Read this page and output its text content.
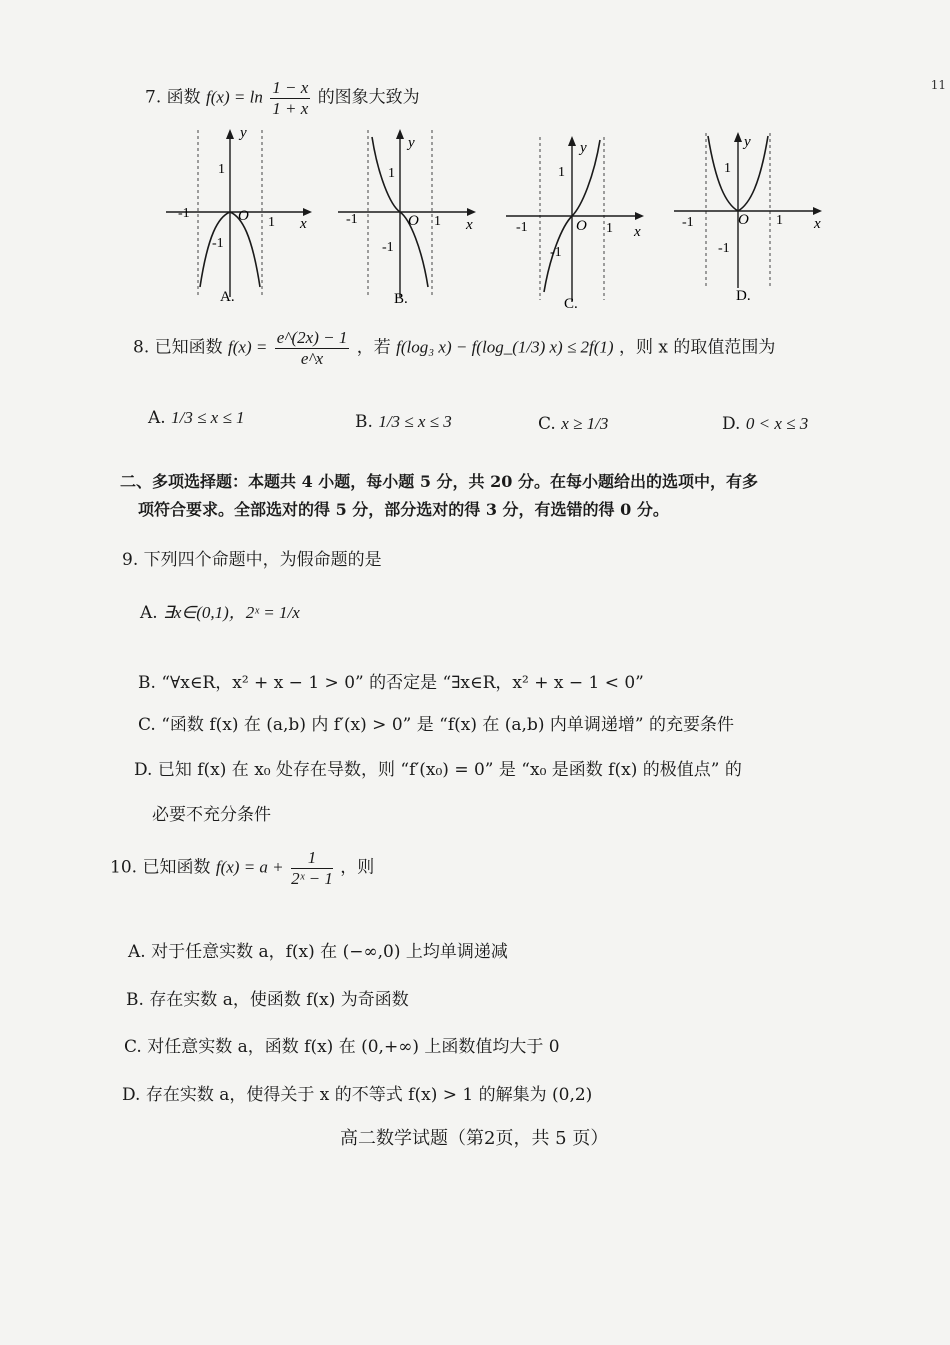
11
7. 函数 $f(x) = \ln \frac{1 - x}{1 + x}$ 的图象大致为
y
x
O
-1
1
1
-1
A.
y
x
O
-1	1
1
-1
B.
y
x
O
-1	1
1
-1
C.
y
x
O
-1	1
1
-1
D.
8. 已知函数 $f(x) = \frac{e\^{}(2x) - 1}{e\^{}x}$ ，若 f(log₃ x) − f(log_(1/3) x) ≤ 2f(1) ，则 x 的取值范围为
A. 1/3 ≤ x ≤ 1	B. 1/3 ≤ x ≤ 3	C. x ≥ 1/3	D. 0 < x ≤ 3
二、多项选择题：本题共 4 小题，每小题 5 分，共 20 分。在每小题给出的选项中，有多
项符合要求。全部选对的得 5 分，部分选对的得 3 分，有选错的得 0 分。
9. 下列四个命题中，为假命题的是
A. ∃x∈(0,1)，2ˣ = 1/x
B. “∀x∈R，x² + x − 1 > 0” 的否定是 “∃x∈R，x² + x − 1 < 0”
C. “函数 f(x) 在 (a,b) 内 f′(x) > 0” 是 “f(x) 在 (a,b) 内单调递增” 的充要条件
D. 已知 f(x) 在 x₀ 处存在导数，则 “f′(x₀) = 0” 是 “x₀ 是函数 f(x) 的极值点” 的
必要不充分条件
10. 已知函数 $f(x) = a + \frac{1}{\text{2ˣ − 1}}$ ，则
A. 对于任意实数 a，f(x) 在 (−∞,0) 上均单调递减
B. 存在实数 a，使函数 f(x) 为奇函数
C. 对任意实数 a，函数 f(x) 在 (0,+∞) 上函数值均大于 0
D. 存在实数 a，使得关于 x 的不等式 f(x) > 1 的解集为 (0,2)
高二数学试题（第2页，共 5 页）
